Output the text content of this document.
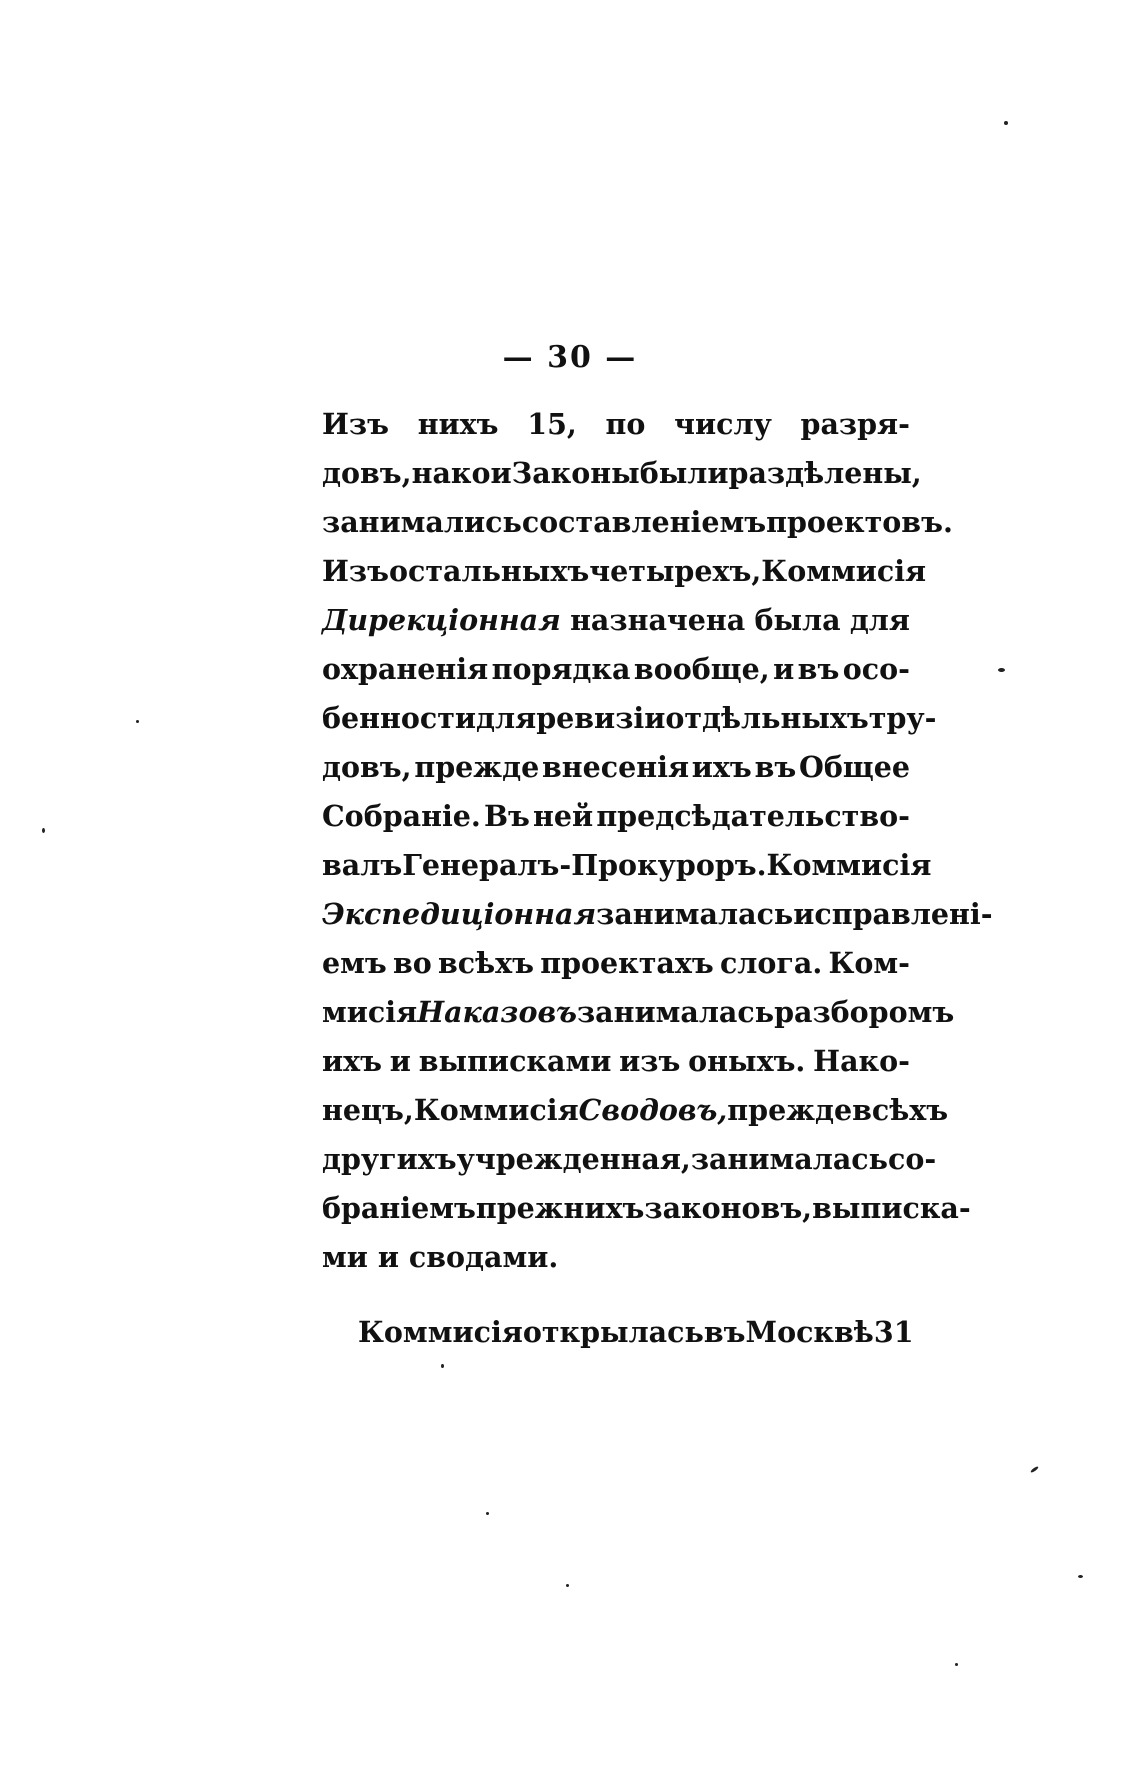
— 30 —
Изъ нихъ 15, по числу разря-
довъ, на кои Законы были раздѣлены,
занимались составленіемъ проектовъ.
Изъ остальныхъ четырехъ, Коммисія
Дирекціонная назначена была для
охраненія порядка вообще, и въ осо-
бенности для ревизіи отдѣльныхъ тру-
довъ, прежде внесенія ихъ въ Общее
Собраніе. Въ ней предсѣдательство-
валъ Генералъ-Прокуроръ. Коммисія
Экспедиціонная занималась исправлені-
емъ во всѣхъ проектахъ слога. Ком-
мисія Наказовъ занималась разборомъ
ихъ и выписками изъ оныхъ. Нако-
нецъ, Коммисія Сводовъ, прежде всѣхъ
другихъ учрежденная, занималась со-
браніемъ прежнихъ законовъ, выписка-
ми и сводами.
Коммисія открылась въ Москвѣ 31
